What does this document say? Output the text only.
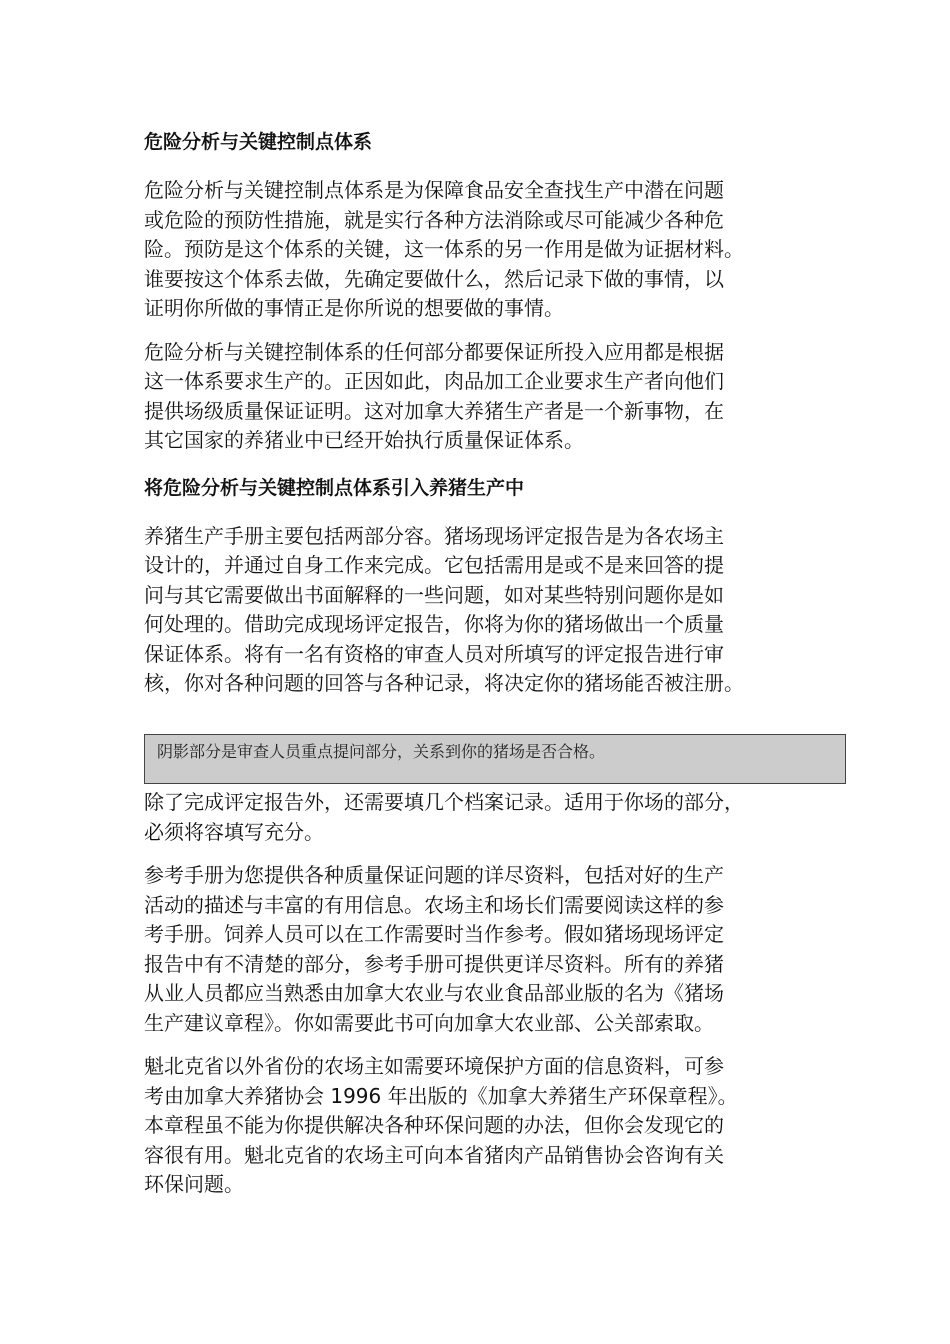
危险分析与关键控制点体系
危险分析与关键控制点体系是为保障食品安全查找生产中潜在问题
或危险的预防性措施，就是实行各种方法消除或尽可能减少各种危
险。预防是这个体系的关键，这一体系的另一作用是做为证据材料。
谁要按这个体系去做，先确定要做什么，然后记录下做的事情，以
证明你所做的事情正是你所说的想要做的事情。
危险分析与关键控制体系的任何部分都要保证所投入应用都是根据
这一体系要求生产的。正因如此，肉品加工企业要求生产者向他们
提供场级质量保证证明。这对加拿大养猪生产者是一个新事物，在
其它国家的养猪业中已经开始执行质量保证体系。
将危险分析与关键控制点体系引入养猪生产中
养猪生产手册主要包括两部分容。猪场现场评定报告是为各农场主
设计的，并通过自身工作来完成。它包括需用是或不是来回答的提
问与其它需要做出书面解释的一些问题，如对某些特别问题你是如
何处理的。借助完成现场评定报告，你将为你的猪场做出一个质量
保证体系。将有一名有资格的审查人员对所填写的评定报告进行审
核，你对各种问题的回答与各种记录，将决定你的猪场能否被注册。
阴影部分是审查人员重点提问部分，关系到你的猪场是否合格。
除了完成评定报告外，还需要填几个档案记录。适用于你场的部分，
必须将容填写充分。
参考手册为您提供各种质量保证问题的详尽资料，包括对好的生产
活动的描述与丰富的有用信息。农场主和场长们需要阅读这样的参
考手册。饲养人员可以在工作需要时当作参考。假如猪场现场评定
报告中有不清楚的部分，参考手册可提供更详尽资料。所有的养猪
从业人员都应当熟悉由加拿大农业与农业食品部业版的名为《猪场
生产建议章程》。你如需要此书可向加拿大农业部、公关部索取。
魁北克省以外省份的农场主如需要环境保护方面的信息资料，可参
考由加拿大养猪协会 1996 年出版的《加拿大养猪生产环保章程》。
本章程虽不能为你提供解决各种环保问题的办法，但你会发现它的
容很有用。魁北克省的农场主可向本省猪肉产品销售协会咨询有关
环保问题。
